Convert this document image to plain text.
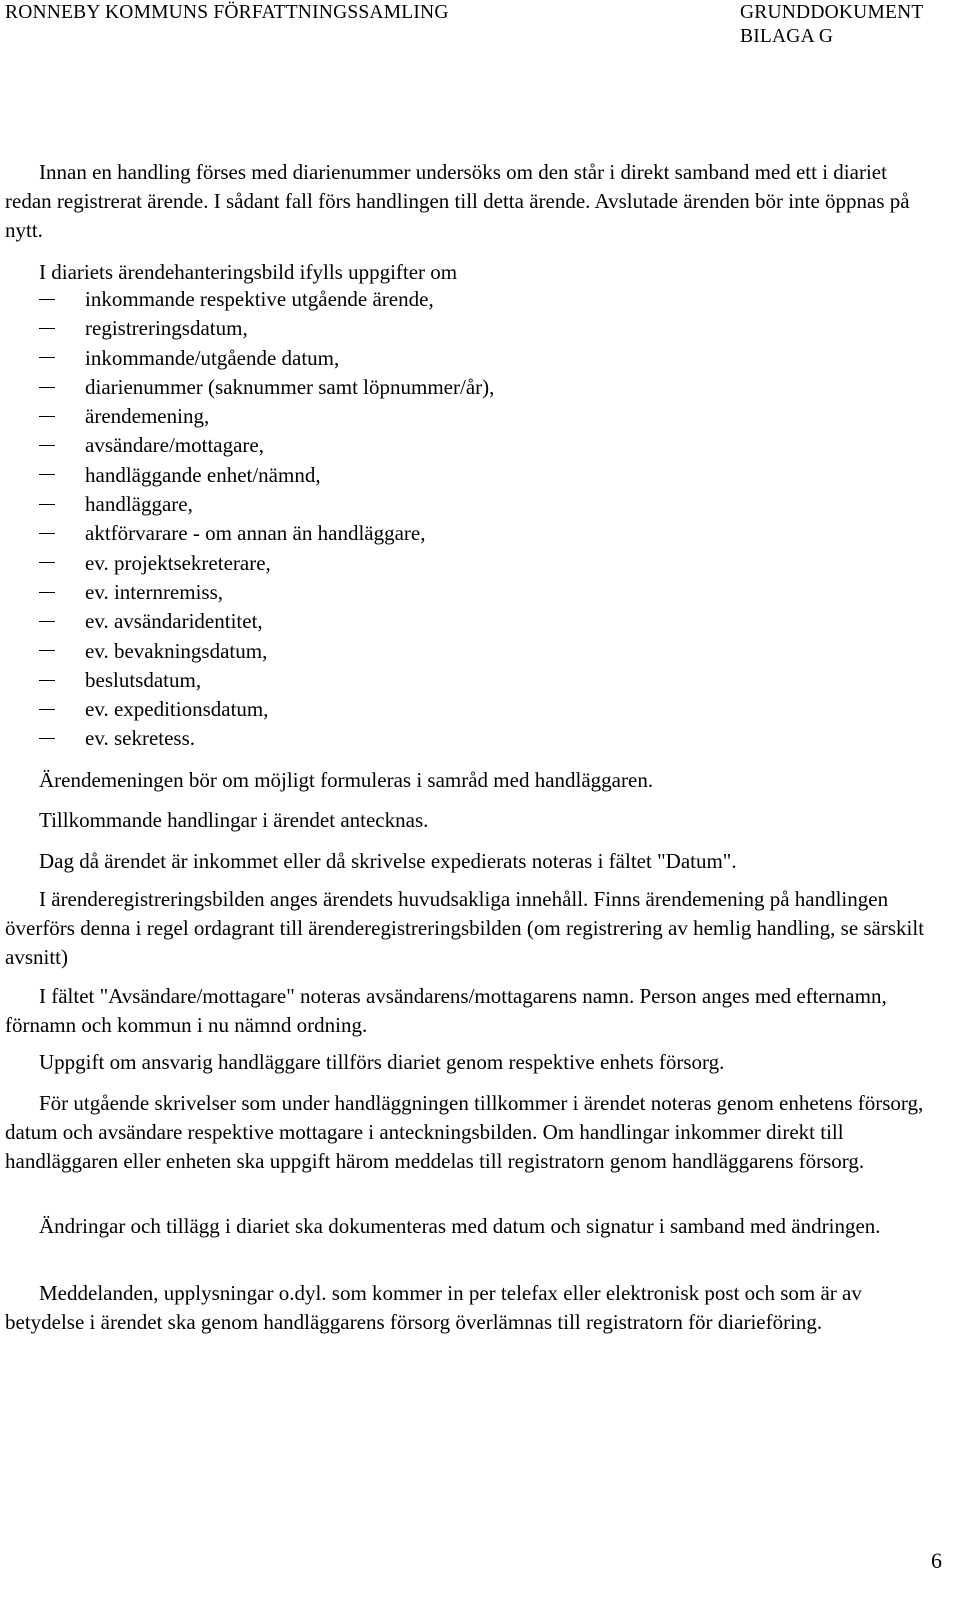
RONNEBY KOMMUNS FÖRFATTNINGSSAMLING	GRUNDDOKUMENT
BILAGA G

Innan en handling förses med diarienummer undersöks om den står i direkt samband med ett i diariet redan registrerat ärende. I sådant fall förs handlingen till detta ärende. Avslutade ärenden bör inte öppnas på nytt.

I diariets ärendehanteringsbild ifylls uppgifter om
inkommande respektive utgående ärende,
registreringsdatum,
inkommande/utgående datum,
diarienummer (saknummer samt löpnummer/år),
ärendemening,
avsändare/mottagare,
handläggande enhet/nämnd,
handläggare,
aktförvarare - om annan än handläggare,
ev. projektsekreterare,
ev. internremiss,
ev. avsändaridentitet,
ev. bevakningsdatum,
beslutsdatum,
ev. expeditionsdatum,
ev. sekretess.
Ärendemeningen bör om möjligt formuleras i samråd med handläggaren.
Tillkommande handlingar i ärendet antecknas.
Dag då ärendet är inkommet eller då skrivelse expedierats noteras i fältet "Datum".

I ärenderegistreringsbilden anges ärendets huvudsakliga innehåll. Finns ärendemening på handlingen överförs denna i regel ordagrant till ärenderegistreringsbilden (om registrering av hemlig handling, se särskilt avsnitt)

I fältet "Avsändare/mottagare" noteras avsändarens/mottagarens namn. Person anges med efternamn, förnamn och kommun i nu nämnd ordning.

Uppgift om ansvarig handläggare tillförs diariet genom respektive enhets försorg.

För utgående skrivelser som under handläggningen tillkommer i ärendet noteras genom enhetens försorg, datum och avsändare respektive mottagare i anteckningsbilden. Om handlingar inkommer direkt till handläggaren eller enheten ska uppgift härom meddelas till registratorn genom handläggarens försorg.

Ändringar och tillägg i diariet ska dokumenteras med datum och signatur i samband med ändringen.

Meddelanden, upplysningar o.dyl. som kommer in per telefax eller elektronisk post och som är av betydelse i ärendet ska genom handläggarens försorg överlämnas till registratorn för diarieföring.

6
